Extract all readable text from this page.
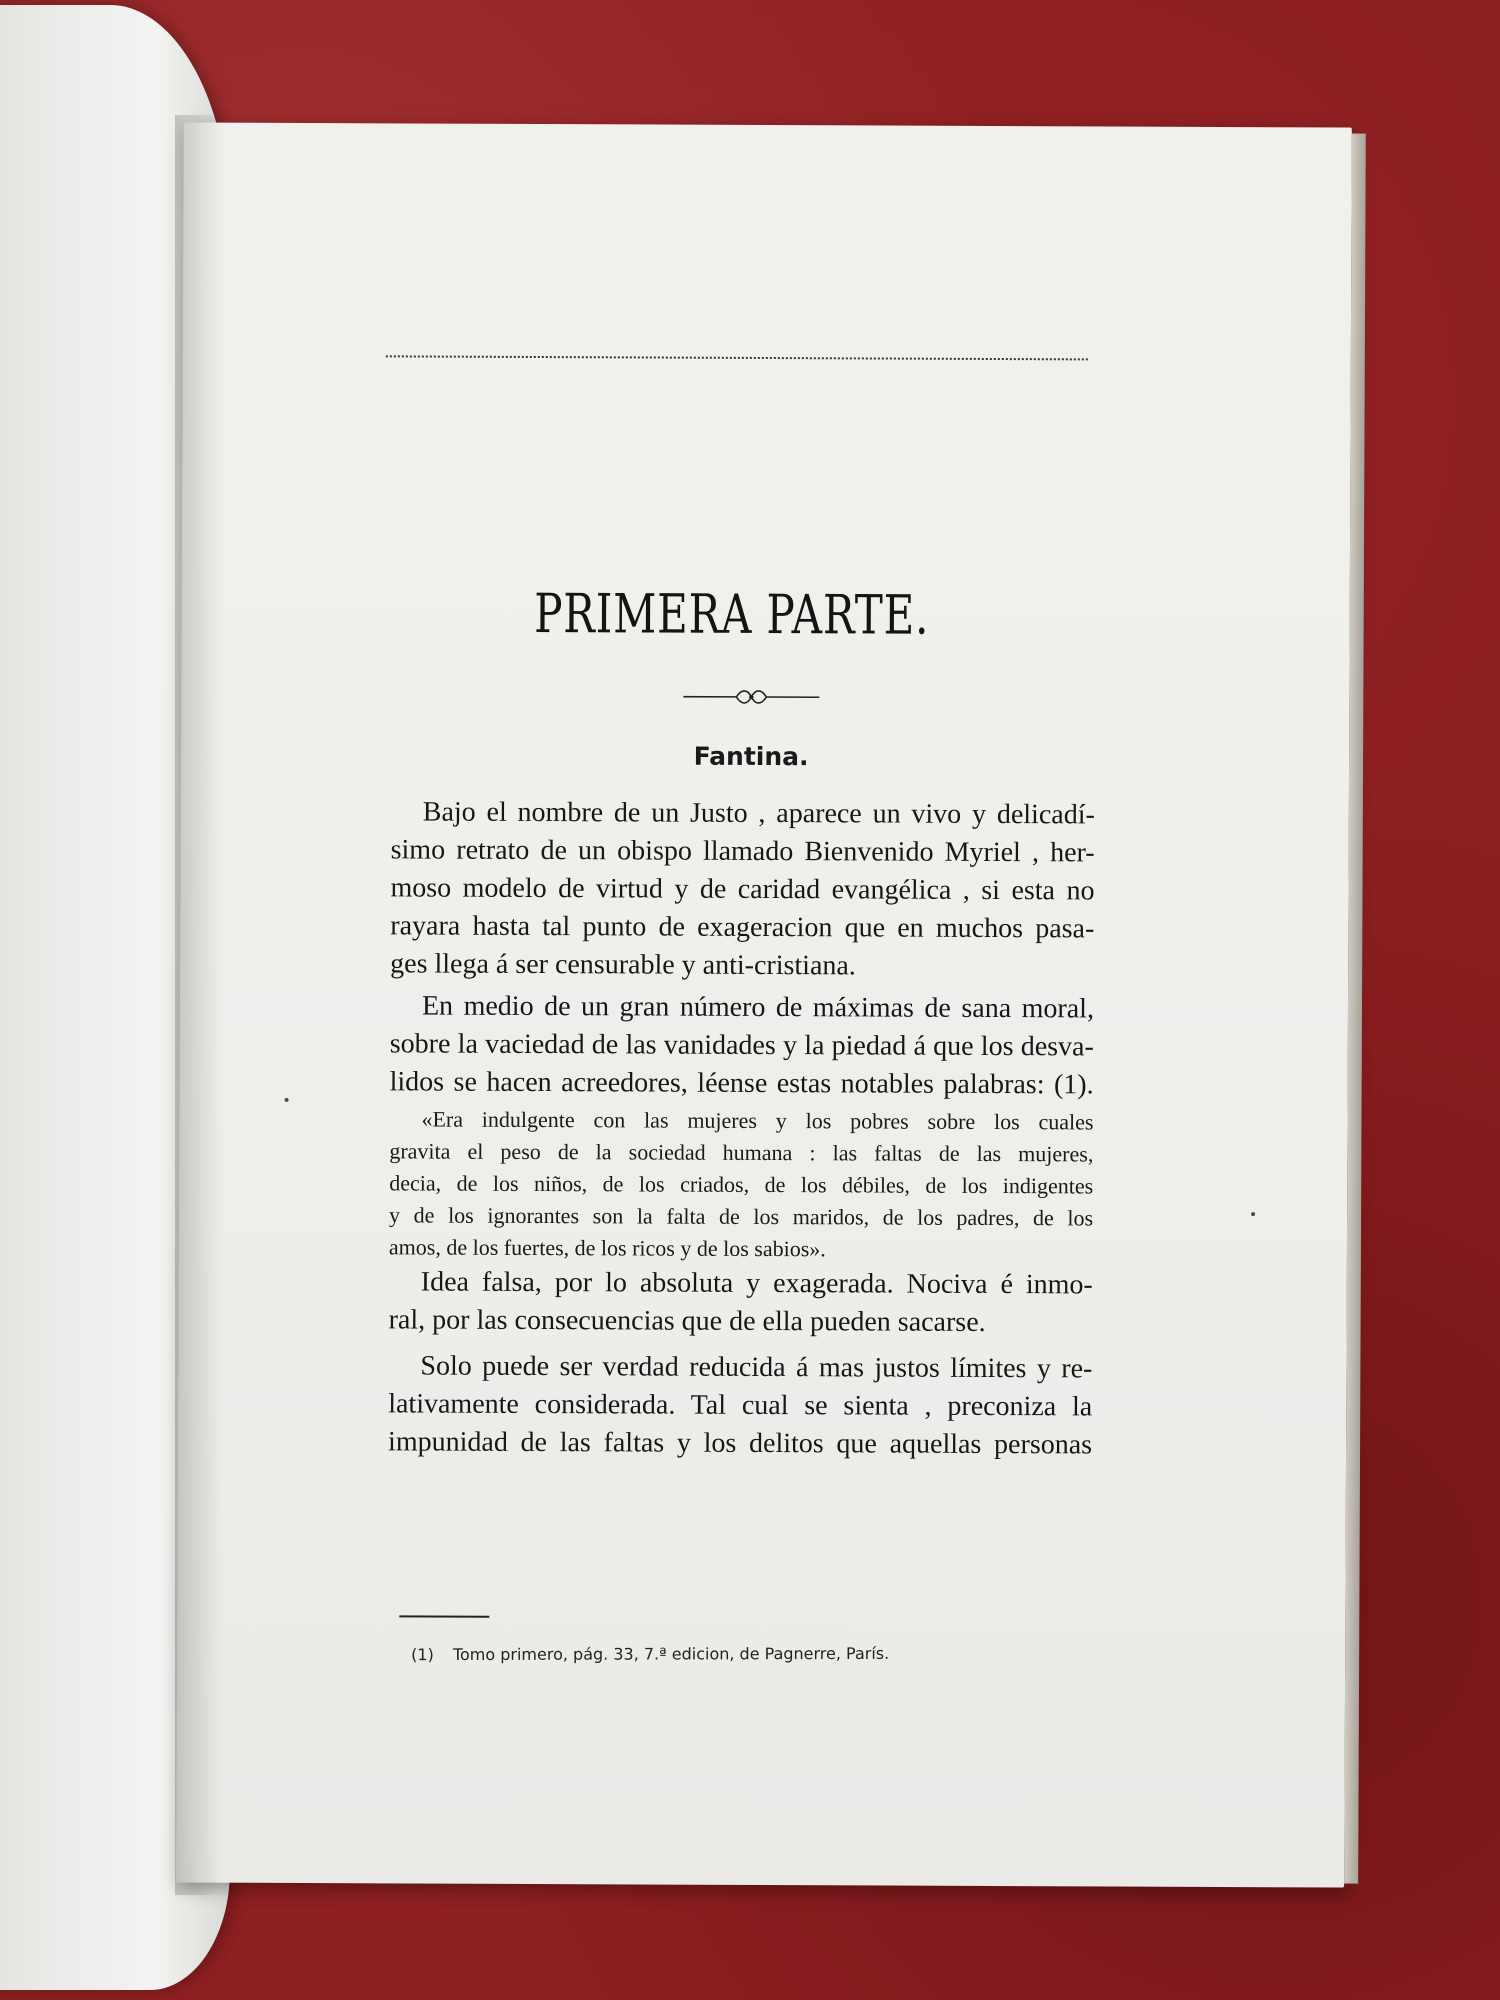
PRIMERA PARTE.
Fantina.
Bajo el nombre de un Justo , aparece un vivo y delicadí-
simo retrato de un obispo llamado Bienvenido Myriel , her-
moso modelo de virtud y de caridad evangélica , si esta no
rayara hasta tal punto de exageracion que en muchos pasa-
ges llega á ser censurable y anti-cristiana.
En medio de un gran número de máximas de sana moral,
sobre la vaciedad de las vanidades y la piedad á que los desva-
lidos se hacen acreedores, léense estas notables palabras: (1).
«Era indulgente con las mujeres y los pobres sobre los cuales
gravita el peso de la sociedad humana : las faltas de las mujeres,
decia, de los niños, de los criados, de los débiles, de los indigentes
y de los ignorantes son la falta de los maridos, de los padres, de los
amos, de los fuertes, de los ricos y de los sabios».
Idea falsa, por lo absoluta y exagerada. Nociva é inmo-
ral, por las consecuencias que de ella pueden sacarse.
Solo puede ser verdad reducida á mas justos límites y re-
lativamente considerada. Tal cual se sienta , preconiza la
impunidad de las faltas y los delitos que aquellas personas
(1) Tomo primero, pág. 33, 7.ª edicion, de Pagnerre, París.
